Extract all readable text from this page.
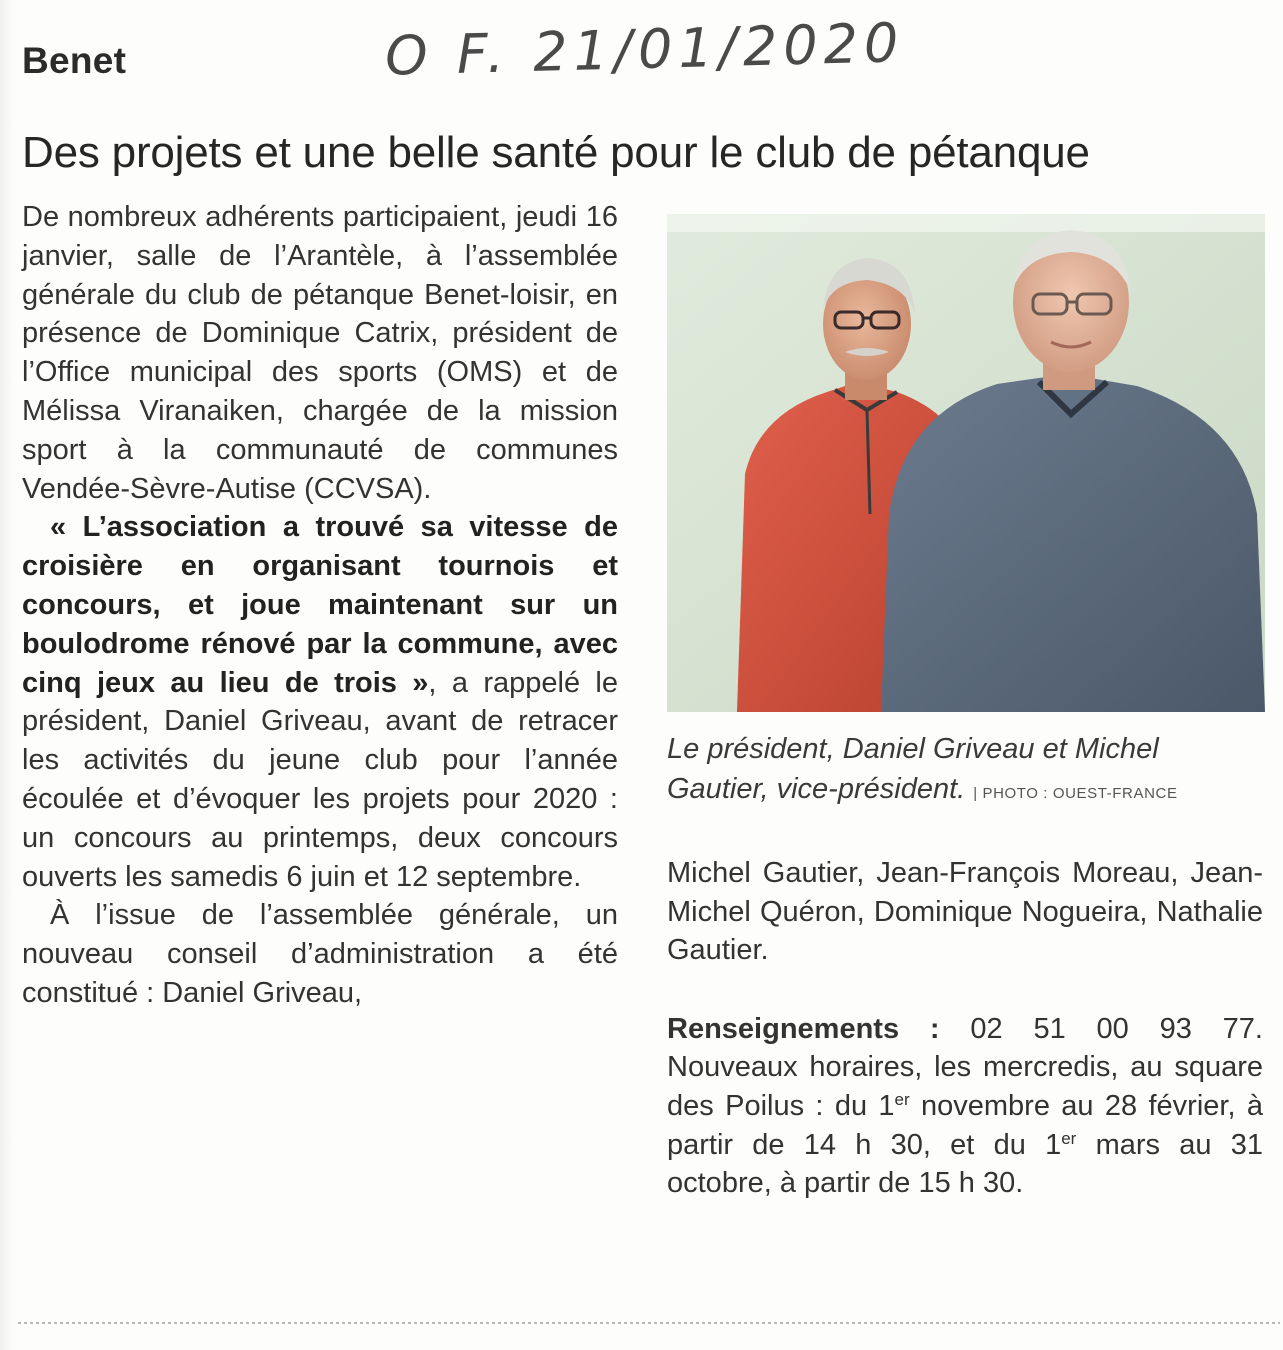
Benet	O F. 21/01/2020
Des projets et une belle santé pour le club de pétanque

De nombreux adhérents participaient, jeudi 16 janvier, salle de l’Arantèle, à l’assemblée générale du club de pétanque Benet-loisir, en présence de Dominique Catrix, président de l’Office municipal des sports (OMS) et de Mélissa Viranaiken, chargée de la mission sport à la communauté de communes Vendée-Sèvre-Autise (CCVSA).

« L’association a trouvé sa vitesse de croisière en organisant tournois et concours, et joue maintenant sur un boulodrome rénové par la commune, avec cinq jeux au lieu de trois », a rappelé le président, Daniel Griveau, avant de retracer les activités du jeune club pour l’année écoulée et d’évoquer les projets pour 2020 : un concours au printemps, deux concours ouverts les samedis 6 juin et 12 septembre.

À l’issue de l’assemblée générale, un nouveau conseil d’administration a été constitué : Daniel Griveau,

Le président, Daniel Griveau et Michel Gautier, vice-président. | PHOTO : OUEST-FRANCE

Michel Gautier, Jean-François Moreau, Jean-Michel Quéron, Dominique Nogueira, Nathalie Gautier.

Renseignements : 02 51 00 93 77. Nouveaux horaires, les mercredis, au square des Poilus : du 1er novembre au 28 février, à partir de 14 h 30, et du 1er mars au 31 octobre, à partir de 15 h 30.
